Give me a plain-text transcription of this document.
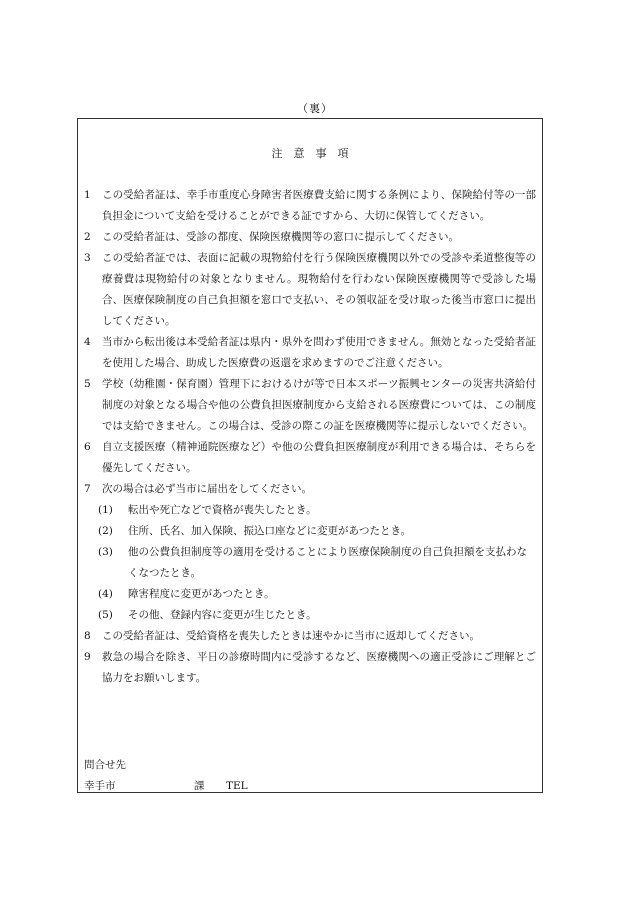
（裏）
注　意　事　項
1	この受給者証は、幸手市重度心身障害者医療費支給に関する条例により、保険給付等の一部負担金について支給を受けることができる証ですから、大切に保管してください。
2	この受給者証は、受診の都度、保険医療機関等の窓口に提示してください。
3	この受給者証では、表面に記載の現物給付を行う保険医療機関以外での受診や柔道整復等の療養費は現物給付の対象となりません。現物給付を行わない保険医療機関等で受診した場合、医療保険制度の自己負担額を窓口で支払い、その領収証を受け取った後当市窓口に提出してください。
4	当市から転出後は本受給者証は県内・県外を問わず使用できません。無効となった受給者証を使用した場合、助成した医療費の返還を求めますのでご注意ください。
5	学校（幼稚園・保育園）管理下におけるけが等で日本スポーツ振興センターの災害共済給付制度の対象となる場合や他の公費負担医療制度から支給される医療費については、この制度では支給できません。この場合は、受診の際この証を医療機関等に提示しないでください。
6	自立支援医療（精神通院医療など）や他の公費負担医療制度が利用できる場合は、そちらを優先してください。
7	次の場合は必ず当市に届出をしてください。
(1)	転出や死亡などで資格が喪失したとき。
(2)	住所、氏名、加入保険、振込口座などに変更があつたとき。
(3)	他の公費負担制度等の適用を受けることにより医療保険制度の自己負担額を支払わなくなつたとき。
(4)	障害程度に変更があつたとき。
(5)	その他、登録内容に変更が生じたとき。
8	この受給者証は、受給資格を喪失したときは速やかに当市に返却してください。
9	救急の場合を除き、平日の診療時間内に受診するなど、医療機関への適正受診にご理解とご協力をお願いします。
問合せ先
幸手市	課	TEL
